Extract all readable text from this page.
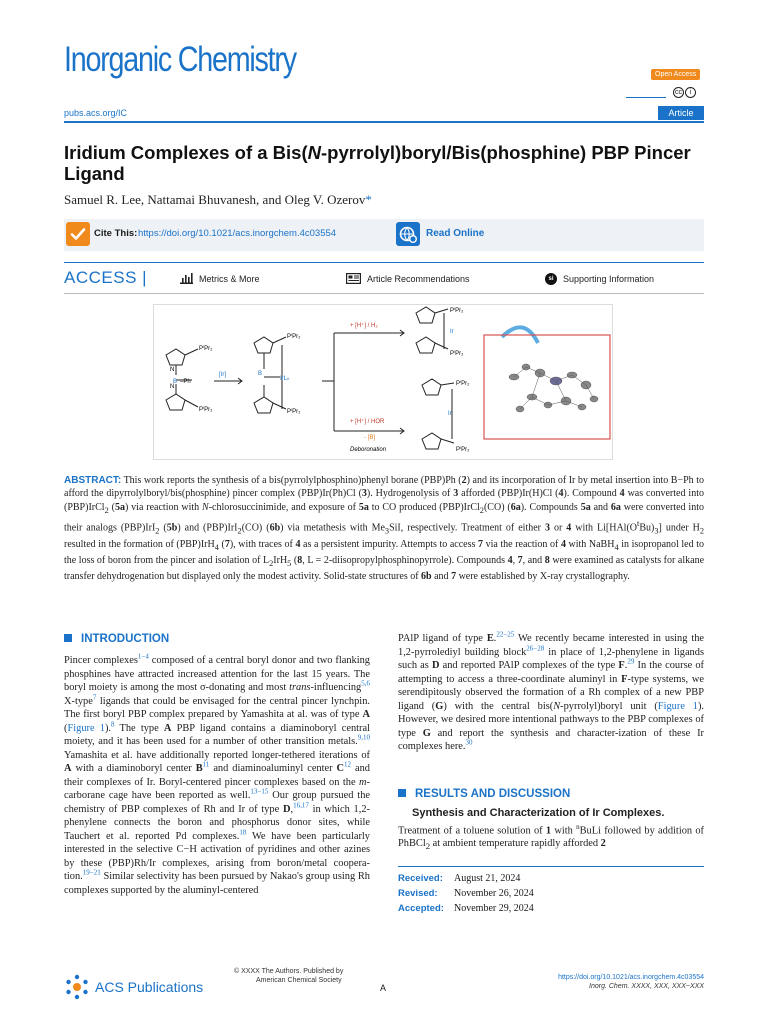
Inorganic Chemistry	Open Access
cc	i
pubs.acs.org/IC	Article
Iridium Complexes of a Bis(N-pyrrolyl)boryl/Bis(phosphine) PBP Pincer Ligand
Samuel R. Lee, Nattamai Bhuvanesh, and Oleg V. Ozerov*
Cite This: https://doi.org/10.1021/acs.inorgchem.4c03554	Read Online
ACCESS |	Metrics & More	Article Recommendations	si	Supporting Information
N
N
B –Ph
PⁱPr₂
PⁱPr₂
[Ir]	B
IrLₙ
PⁱPr₂
PⁱPr₂
+ [H⁺] / H₂
+ [H⁺] / HOR
- [B]
Deboronation
Ir
PⁱPr₂
PⁱPr₂
PⁱPr₂
PⁱPr₂
Ir
ABSTRACT: This work reports the synthesis of a bis(pyrrolylphosphino)phenyl borane (PBP)Ph (2) and its incorporation of Ir by metal insertion into B−Ph to afford the dipyrrolylboryl/bis(phosphine) pincer complex (PBP)Ir(Ph)Cl (3). Hydrogenolysis of 3 afforded (PBP)Ir(H)Cl (4). Compound 4 was converted into (PBP)IrCl$_2$ (5a) via reaction with N-chlorosuccinimide, and exposure of 5a to CO produced (PBP)IrCl$_2$(CO) (6a). Compounds 5a and 6a were converted into their analogs (PBP)IrI$_2$ (5b) and (PBP)IrI$_2$(CO) (6b) via metathesis with $Me_3SiI$, respectively. Treatment of either 3 or 4 with $Li[HAl(O^tBu)_3]$ under $H_2$ resulted in the formation of (PBP)IrH$_4$ (7), with traces of 4 as a persistent impurity. Attempts to access 7 via the reaction of 4 with NaBH$_4$ in isopropanol led to the loss of boron from the pincer and isolation of $L_2IrH_5$ (8, L = 2-diisopropylphosphinopyrrole). Compounds 4, 7, and 8 were examined as catalysts for alkane transfer dehydrogenation but displayed only the modest activity. Solid-state structures of 6b and 7 were established by X-ray crystallography.
INTRODUCTION
Pincer complexes$^{1-4}$ composed of a central boryl donor and two flanking phosphines have attracted increased attention for the last 15 years. The boryl moiety is among the most σ-donating and most trans-influencing$^{5,6}$ X-type$^7$ ligands that could be envisaged for the central pincer lynchpin. The first boryl PBP complex prepared by Yamashita at al. was of type A (Figure 1).$^8$ The type A PBP ligand contains a diaminoboryl central moiety, and it has been used for a number of other transition metals.$^{9,10}$ Yamashita et al. have additionally reported longer-tethered iterations of A with a diaminoboryl center B$^{11}$ and diaminoaluminyl center C$^{12}$ and their complexes of Ir. Boryl-centered pincer complexes based on the m-carborane cage have been reported as well.$^{13-15}$ Our group pursued the chemistry of PBP complexes of Rh and Ir of type D,$^{16,17}$ in which 1,2-phenylene connects the boron and phosphorus donor sites, while Tauchert et al. reported Pd complexes.$^{18}$ We have been particularly interested in the selective C−H activation of pyridines and other azines by these (PBP)Rh/Ir complexes, arising from boron/metal coopera-tion.$^{19-21}$ Similar selectivity has been pursued by Nakao's group using Rh complexes supported by the aluminyl-centered
PAlP ligand of type E.$^{22-25}$ We recently became interested in using the 1,2-pyrrolediyl building block$^{26-28}$ in place of 1,2-phenylene in ligands such as D and reported PAlP complexes of the type F.$^{29}$ In the course of attempting to access a three-coordinate aluminyl in F-type systems, we serendipitously observed the formation of a Rh complex of a new PBP ligand (G) with the central bis(N-pyrrolyl)boryl unit (Figure 1). However, we desired more intentional pathways to the PBP complexes of type G and report the synthesis and character-ization of these Ir complexes here.$^{30}$
RESULTS AND DISCUSSION
Synthesis and Characterization of Ir Complexes.
Treatment of a toluene solution of 1 with $^n$BuLi followed by addition of PhBCl$_2$ at ambient temperature rapidly afforded 2
Received:	August 21, 2024
Revised:	November 26, 2024
Accepted:	November 29, 2024
ACS Publications
© XXXX The Authors. Published by
American Chemical Society
A
https://doi.org/10.1021/acs.inorgchem.4c03554
Inorg. Chem. XXXX, XXX, XXX−XXX
